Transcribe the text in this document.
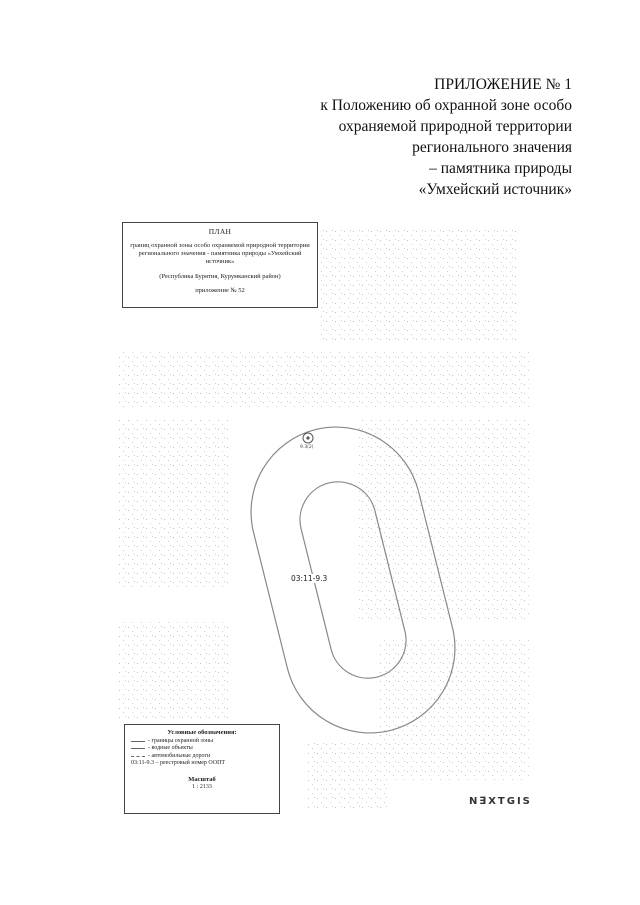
ПРИЛОЖЕНИЕ № 1
к Положению об охранной зоне особо
охраняемой природной территории
регионального значения
– памятника природы
«Умхейский источник»
9.3(2)
03:11-9.3
ПЛАН
границ охранной зоны особо охраняемой природной территории регионального значения - памятника природы «Умхейский источник»
(Республика Бурятия, Курумканский район)
приложение № 52
Условные обозначения:
- границы охранной зоны
- водные объекты
- автомобильные дороги
03:11-9.3 – реестровый номер ООПТ
Масштаб
1 : 2133
N∃XTGIS
